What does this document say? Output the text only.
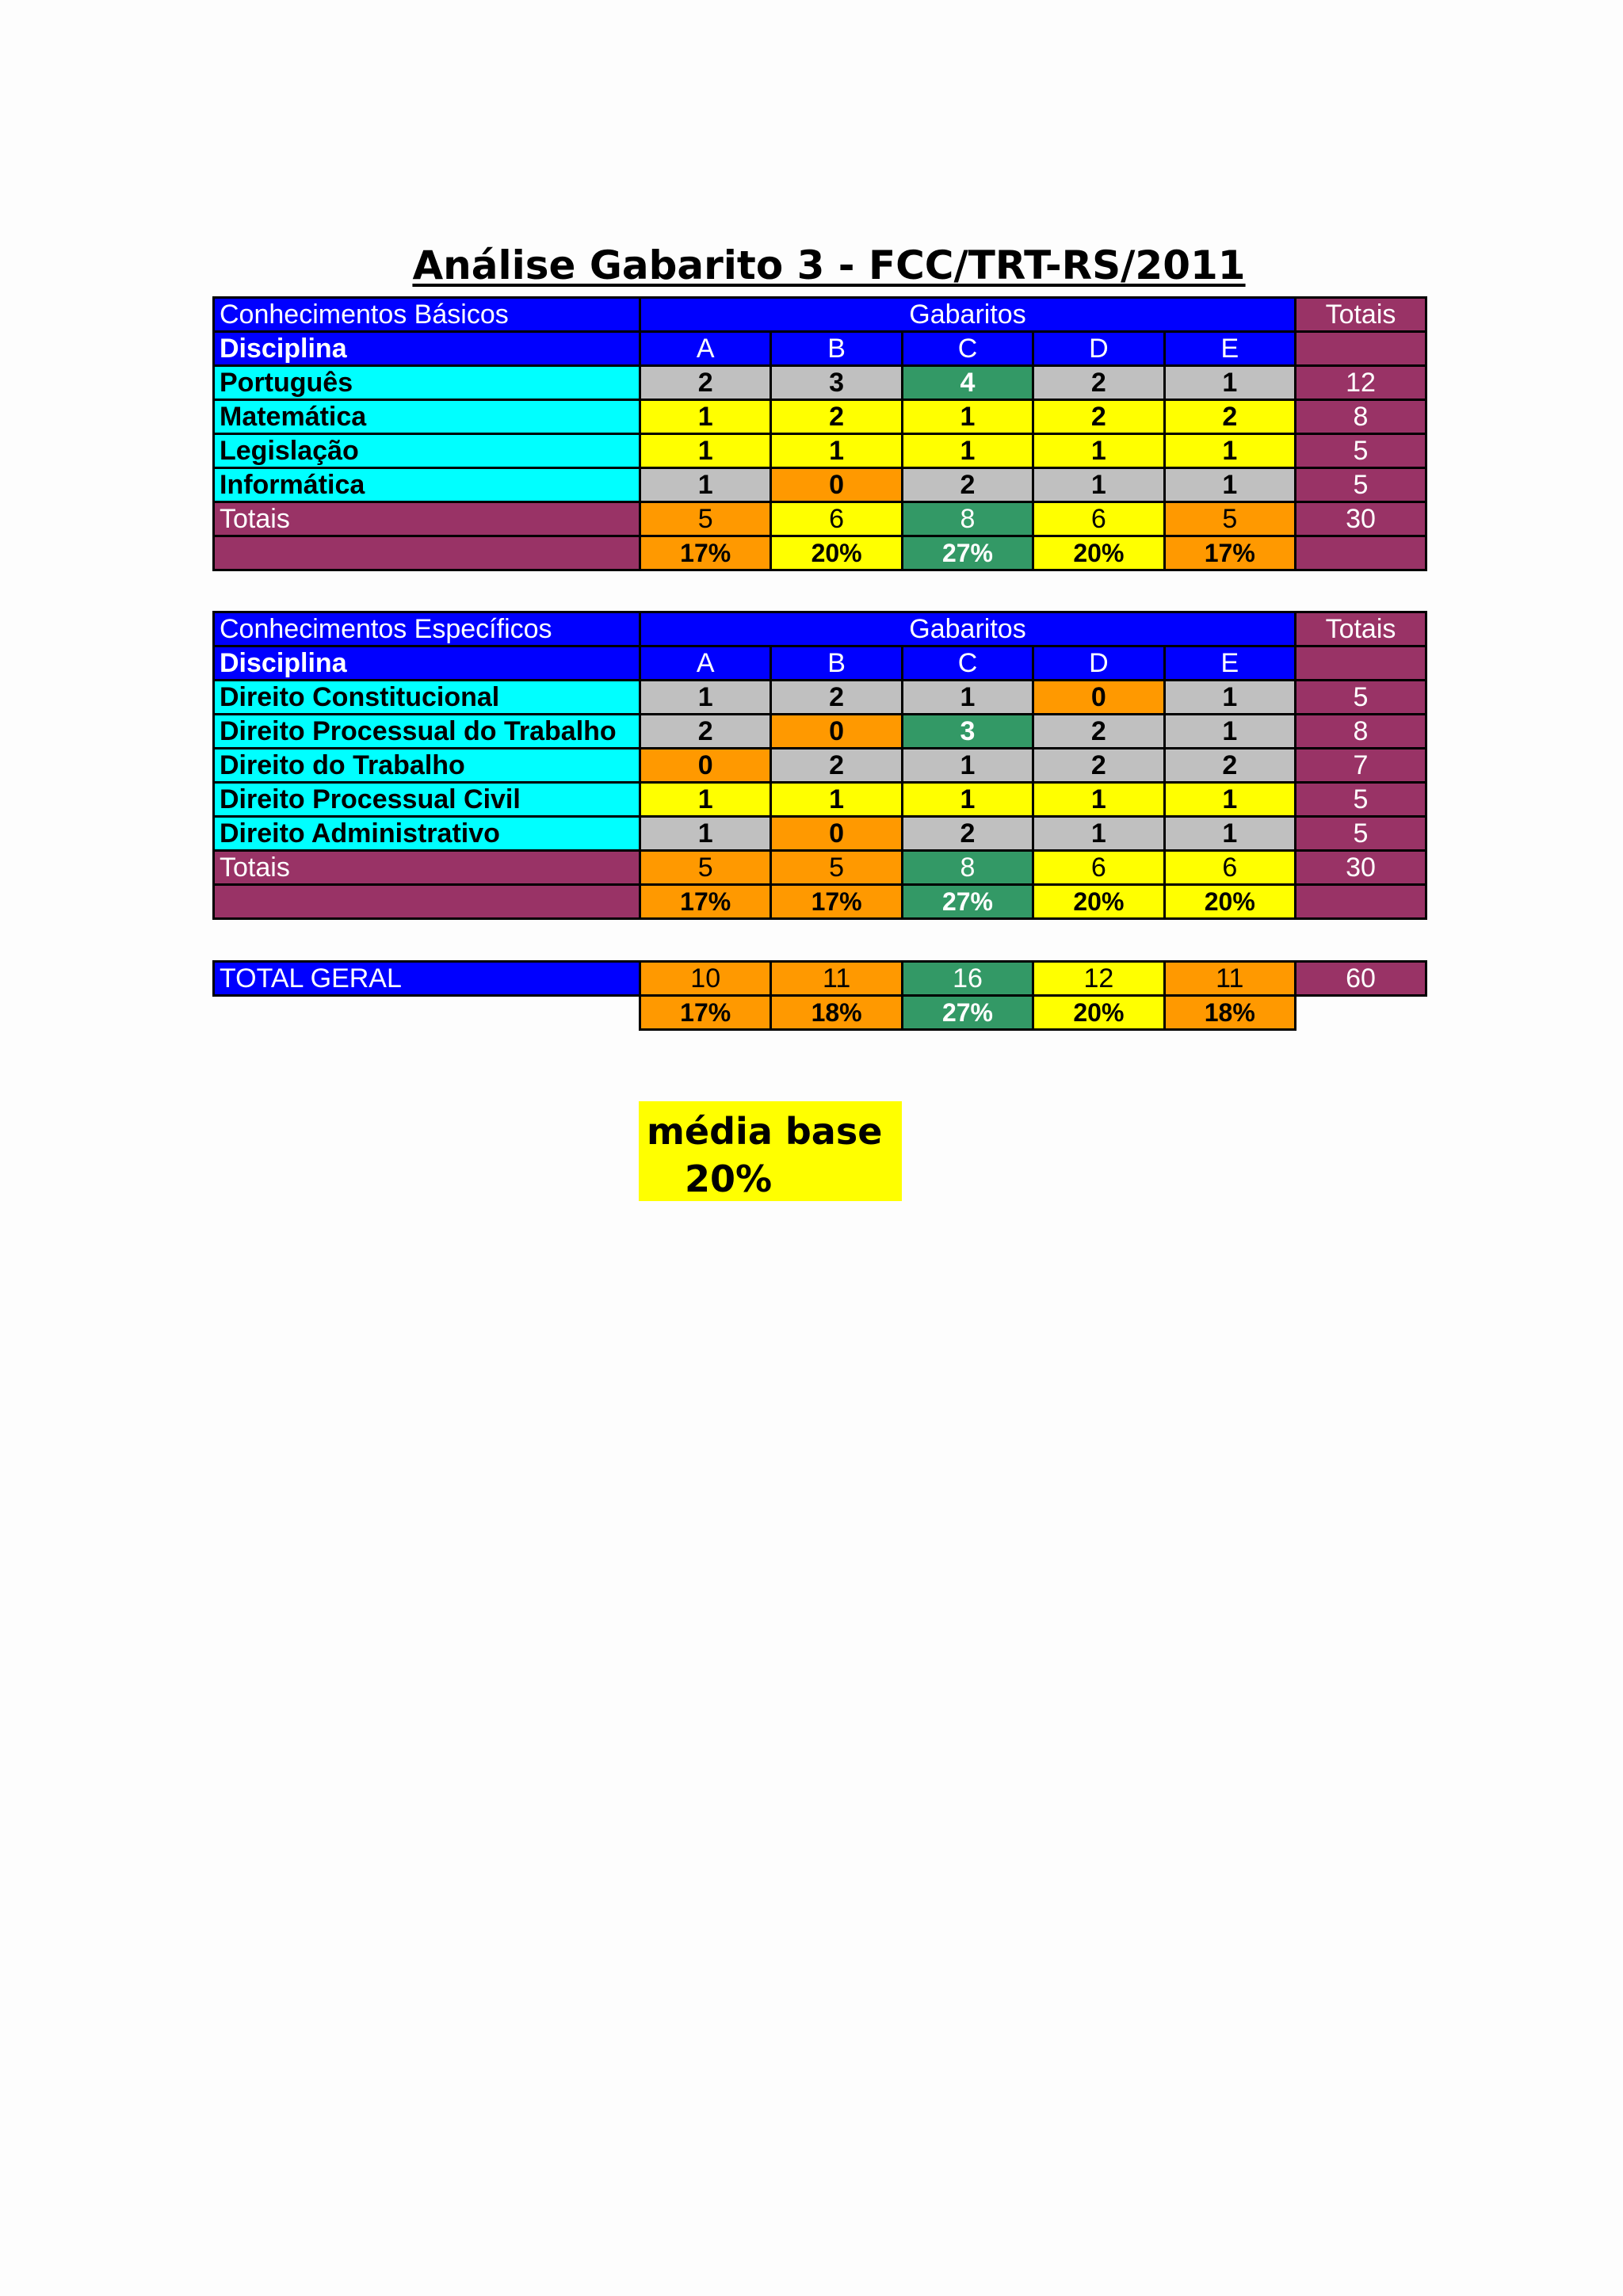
Análise Gabarito 3 - FCC/TRT-RS/2011
Conhecimentos Básicos	Gabaritos					Totais
Disciplina	A	B	C	D	E	
Português	2	3	4	2	1	12
Matemática	1	2	1	2	2	8
Legislação	1	1	1	1	1	5
Informática	1	0	2	1	1	5
Totais	5	6	8	6	5	30
	17%	20%	27%	20%	17%	
Conhecimentos Específicos	Gabaritos					Totais
Disciplina	A	B	C	D	E	
Direito Constitucional	1	2	1	0	1	5
Direito Processual do Trabalho	2	0	3	2	1	8
Direito do Trabalho	0	2	1	2	2	7
Direito Processual Civil	1	1	1	1	1	5
Direito Administrativo	1	0	2	1	1	5
Totais	5	5	8	6	6	30
	17%	17%	27%	20%	20%	
TOTAL GERAL	10	11	16	12	11	60
	17%	18%	27%	20%	18%	
média base
20%
